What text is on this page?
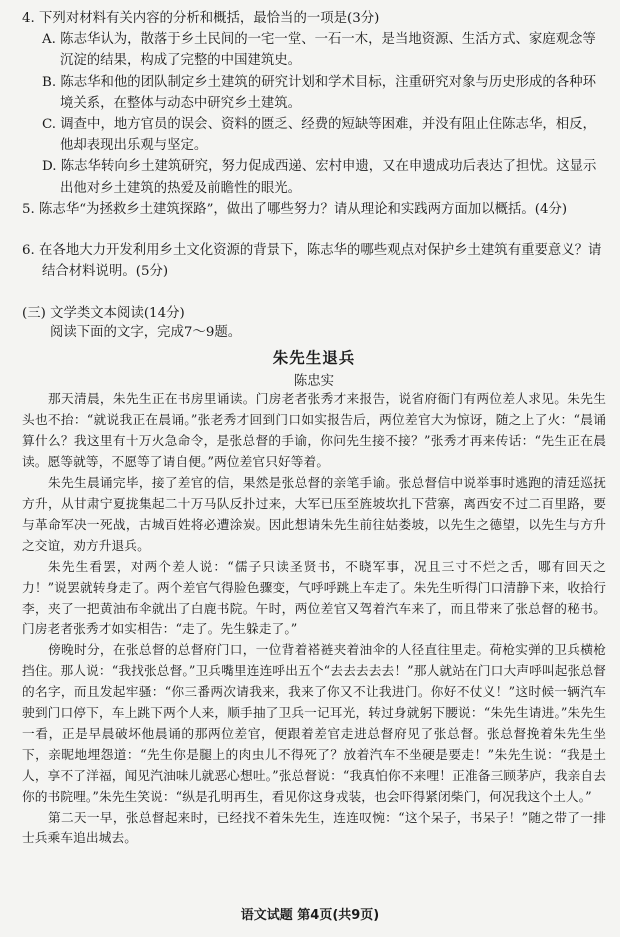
4. 下列对材料有关内容的分析和概括，最恰当的一项是(3分)
A. 陈志华认为，散落于乡土民间的一宅一堂、一石一木，是当地资源、生活方式、家庭观念等沉淀的结果，构成了完整的中国建筑史。
B. 陈志华和他的团队制定乡土建筑的研究计划和学术目标，注重研究对象与历史形成的各种环境关系，在整体与动态中研究乡土建筑。
C. 调查中，地方官员的误会、资料的匮乏、经费的短缺等困难，并没有阻止住陈志华，相反，他却表现出乐观与坚定。
D. 陈志华转向乡土建筑研究，努力促成西递、宏村申遗，又在申遗成功后表达了担忧。这显示出他对乡土建筑的热爱及前瞻性的眼光。
5. 陈志华“为拯救乡土建筑探路”，做出了哪些努力？请从理论和实践两方面加以概括。(4分)
6. 在各地大力开发利用乡土文化资源的背景下，陈志华的哪些观点对保护乡土建筑有重要意义？请结合材料说明。(5分)
(三) 文学类文本阅读(14分)
阅读下面的文字，完成7～9题。
朱先生退兵
陈忠实
那天清晨，朱先生正在书房里诵读。门房老者张秀才来报告，说省府衙门有两位差人求见。朱先生头也不抬：“就说我正在晨诵。”张老秀才回到门口如实报告后，两位差官大为惊讶，随之上了火：“晨诵算什么？我这里有十万火急命令，是张总督的手谕，你问先生接不接？”张秀才再来传话：“先生正在晨读。愿等就等，不愿等了请自便。”两位差官只好等着。
朱先生晨诵完毕，接了差官的信，果然是张总督的亲笔手谕。张总督信中说举事时逃跑的清廷巡抚方升，从甘肃宁夏拢集起二十万马队反扑过来，大军已压至旌坡坎扎下营寨，离西安不过二百里路，要与革命军决一死战，古城百姓将必遭涂炭。因此想请朱先生前往姑娄坡，以先生之德望，以先生与方升之交谊，劝方升退兵。
朱先生看罢，对两个差人说：“儒子只读圣贤书，不晓军事，况且三寸不烂之舌，哪有回天之力！”说罢就转身走了。两个差官气得脸色骤变，气呼呼跳上车走了。朱先生听得门口清静下来，收拾行李，夹了一把黄油布伞就出了白鹿书院。午时，两位差官又驾着汽车来了，而且带来了张总督的秘书。门房老者张秀才如实相告：“走了。先生躲走了。”
傍晚时分，在张总督的总督府门口，一位背着褡裢夹着油伞的人径直往里走。荷枪实弹的卫兵横枪挡住。那人说：“我找张总督。”卫兵嘴里连连呼出五个“去去去去去！”那人就站在门口大声呼叫起张总督的名字，而且发起牢骚：“你三番两次请我来，我来了你又不让我进门。你好不仗义！”这时候一辆汽车驶到门口停下，车上跳下两个人来，顺手抽了卫兵一记耳光，转过身就躬下腰说：“朱先生请进。”朱先生一看，正是早晨破坏他晨诵的那两位差官，便跟着差官走进总督府见了张总督。张总督挽着朱先生坐下，亲昵地埋怨道：“先生你是腿上的肉虫儿不得死了？放着汽车不坐硬是要走！”朱先生说：“我是土人，享不了洋福，闻见汽油味儿就恶心想吐。”张总督说：“我真怕你不来哩！正准备三顾茅庐，我亲自去你的书院哩。”朱先生笑说：“纵是孔明再生，看见你这身戎装，也会吓得紧闭柴门，何况我这个土人。”
第二天一早，张总督起来时，已经找不着朱先生，连连叹惋：“这个呆子，书呆子！”随之带了一排士兵乘车追出城去。
语文试题 第4页(共9页)
